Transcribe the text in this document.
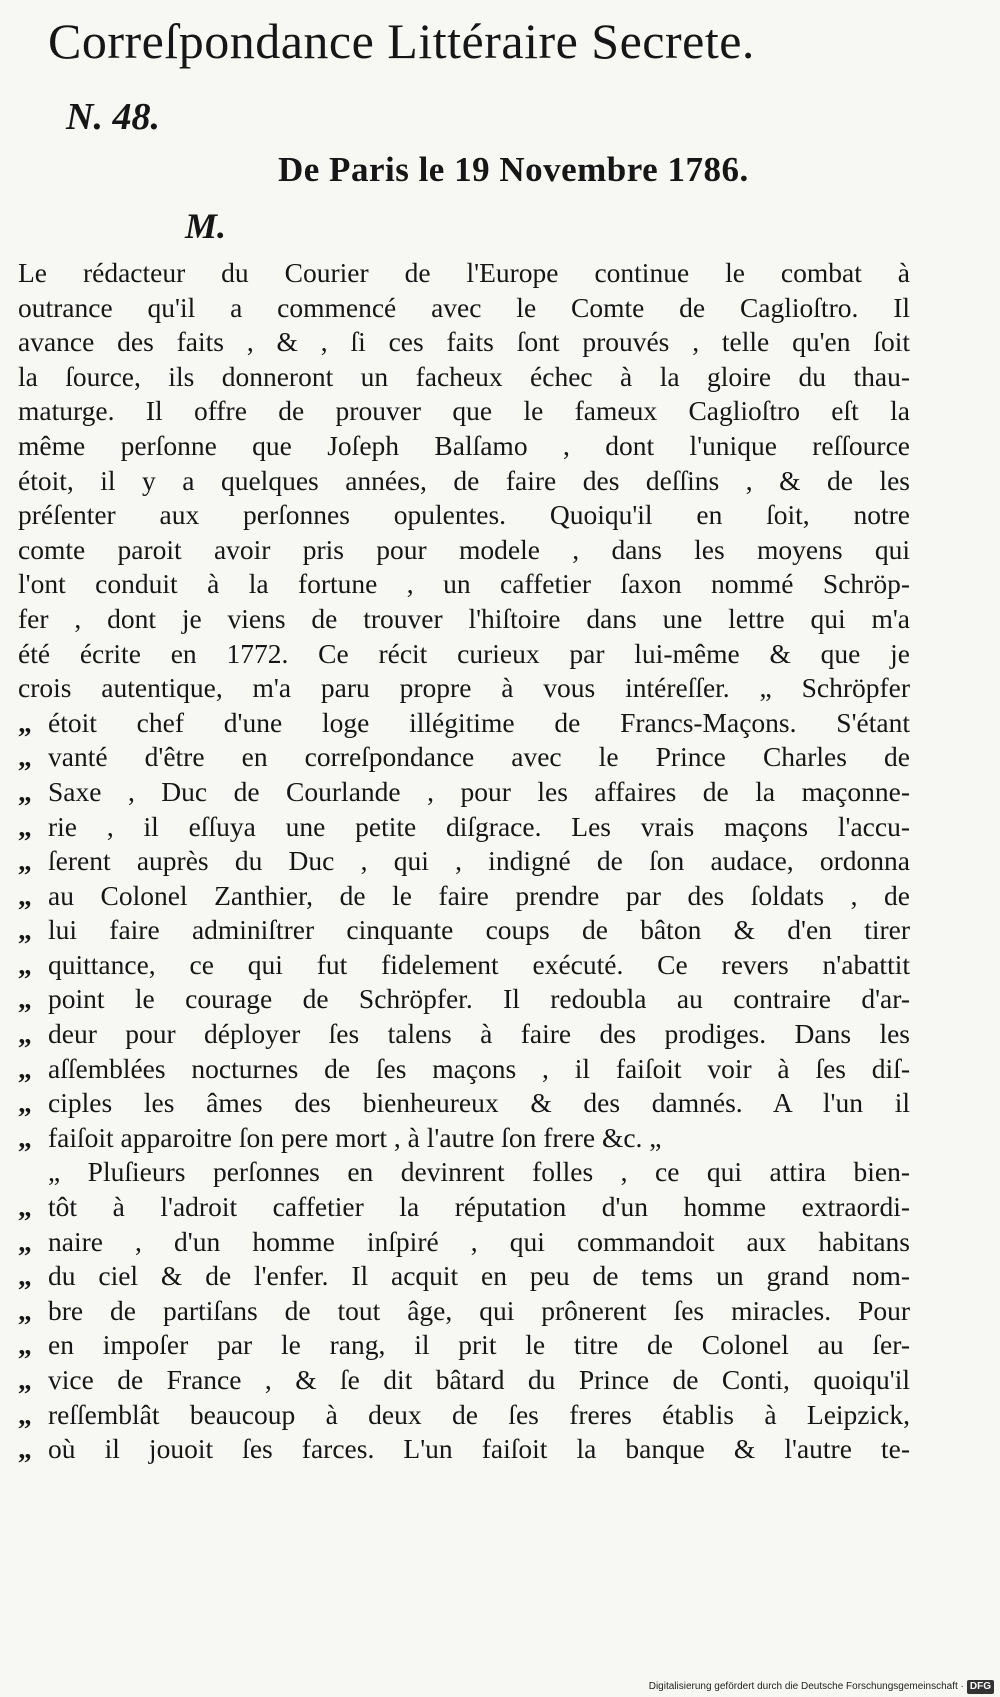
Correſpondance Littéraire Secrete.
N. 48.
De Paris le 19 Novembre 1786.
M.
Le rédacteur du Courier de l'Europe continue le combat à
outrance qu'il a commencé avec le Comte de Caglioſtro. Il
avance des faits , & , ſi ces faits ſont prouvés , telle qu'en ſoit
la ſource, ils donneront un facheux échec à la gloire du thau-
maturge. Il offre de prouver que le fameux Caglioſtro eſt la
même perſonne que Joſeph Balſamo , dont l'unique reſſource
étoit, il y a quelques années, de faire des deſſins , & de les
préſenter aux perſonnes opulentes. Quoiqu'il en ſoit, notre
comte paroit avoir pris pour modele , dans les moyens qui
l'ont conduit à la fortune , un caffetier ſaxon nommé Schröp-
fer , dont je viens de trouver l'hiſtoire dans une lettre qui m'a
été écrite en 1772. Ce récit curieux par lui-même & que je
crois autentique, m'a paru propre à vous intéreſſer. „ Schröpfer
„ étoit chef d'une loge illégitime de Francs-Maçons. S'étant
„ vanté d'être en correſpondance avec le Prince Charles de
„ Saxe , Duc de Courlande , pour les affaires de la maçonne-
„ rie , il eſſuya une petite diſgrace. Les vrais maçons l'accu-
„ ſerent auprès du Duc , qui , indigné de ſon audace, ordonna
„ au Colonel Zanthier, de le faire prendre par des ſoldats , de
„ lui faire adminiſtrer cinquante coups de bâton & d'en tirer
„ quittance, ce qui fut fidelement exécuté. Ce revers n'abattit
„ point le courage de Schröpfer. Il redoubla au contraire d'ar-
„ deur pour déployer ſes talens à faire des prodiges. Dans les
„ aſſemblées nocturnes de ſes maçons , il faiſoit voir à ſes diſ-
„ ciples les âmes des bienheureux & des damnés. A l'un il
„ faiſoit apparoitre ſon pere mort , à l'autre ſon frere &c. „
„ Pluſieurs perſonnes en devinrent folles , ce qui attira bien-
„ tôt à l'adroit caffetier la réputation d'un homme extraordi-
„ naire , d'un homme inſpiré , qui commandoit aux habitans
„ du ciel & de l'enfer. Il acquit en peu de tems un grand nom-
„ bre de partiſans de tout âge, qui prônerent ſes miracles. Pour
„ en impoſer par le rang, il prit le titre de Colonel au ſer-
„ vice de France , & ſe dit bâtard du Prince de Conti, quoiqu'il
„ reſſemblât beaucoup à deux de ſes freres établis à Leipzick,
„ où il jouoit ſes farces. L'un faiſoit la banque & l'autre te-
Digitalisierung gefördert durch die Deutsche Forschungsgemeinschaft · DFG
